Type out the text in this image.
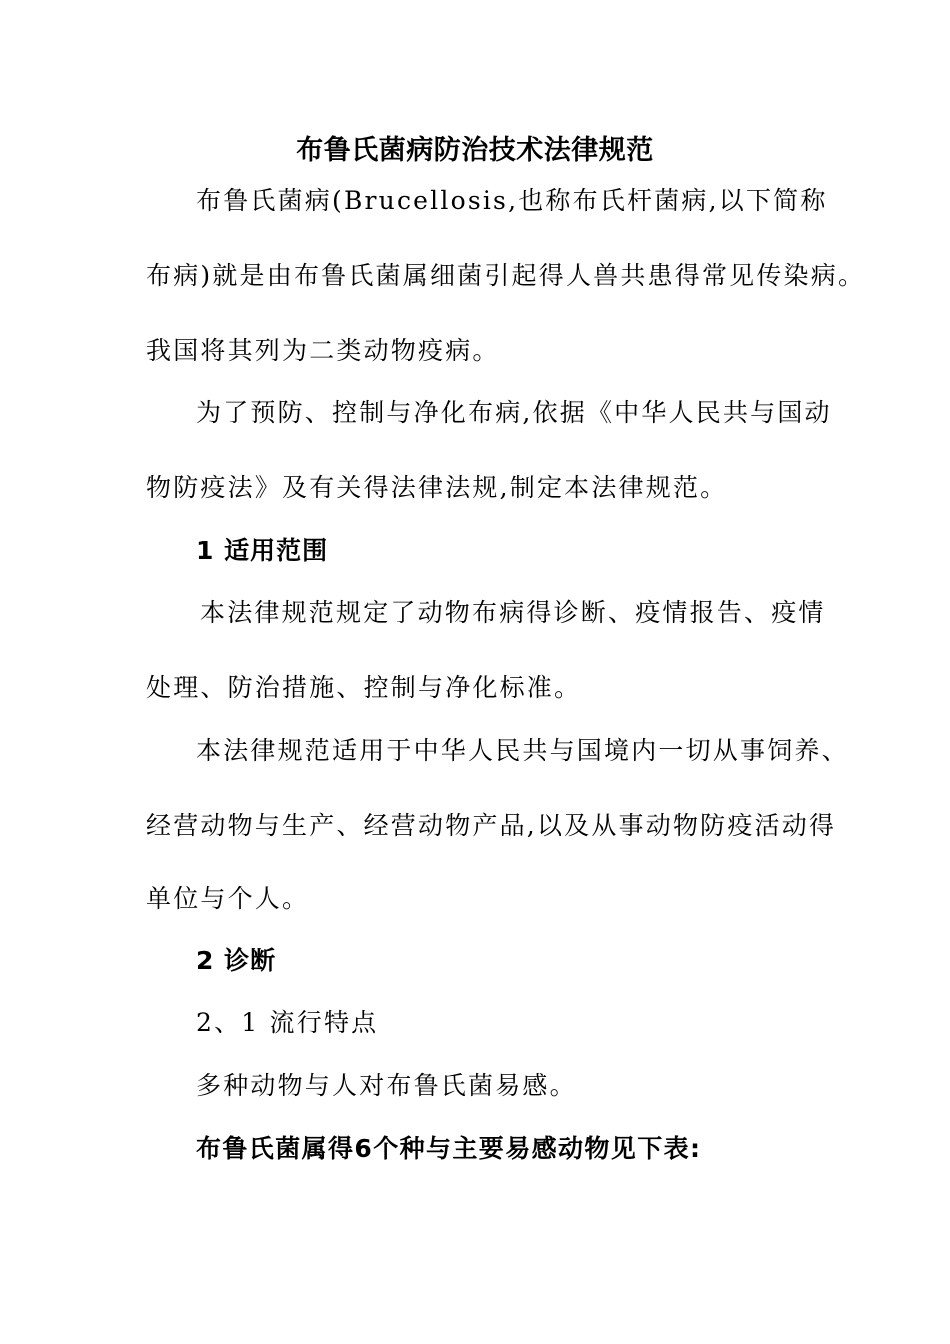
布鲁氏菌病防治技术法律规范
布鲁氏菌病(Brucellosis,也称布氏杆菌病,以下简称
布病)就是由布鲁氏菌属细菌引起得人兽共患得常见传染病。
我国将其列为二类动物疫病。
为了预防、控制与净化布病,依据《中华人民共与国动
物防疫法》及有关得法律法规,制定本法律规范。
1 适用范围
本法律规范规定了动物布病得诊断、疫情报告、疫情
处理、防治措施、控制与净化标准。
本法律规范适用于中华人民共与国境内一切从事饲养、
经营动物与生产、经营动物产品,以及从事动物防疫活动得
单位与个人。
2 诊断
2、1 流行特点
多种动物与人对布鲁氏菌易感。
布鲁氏菌属得6个种与主要易感动物见下表:
